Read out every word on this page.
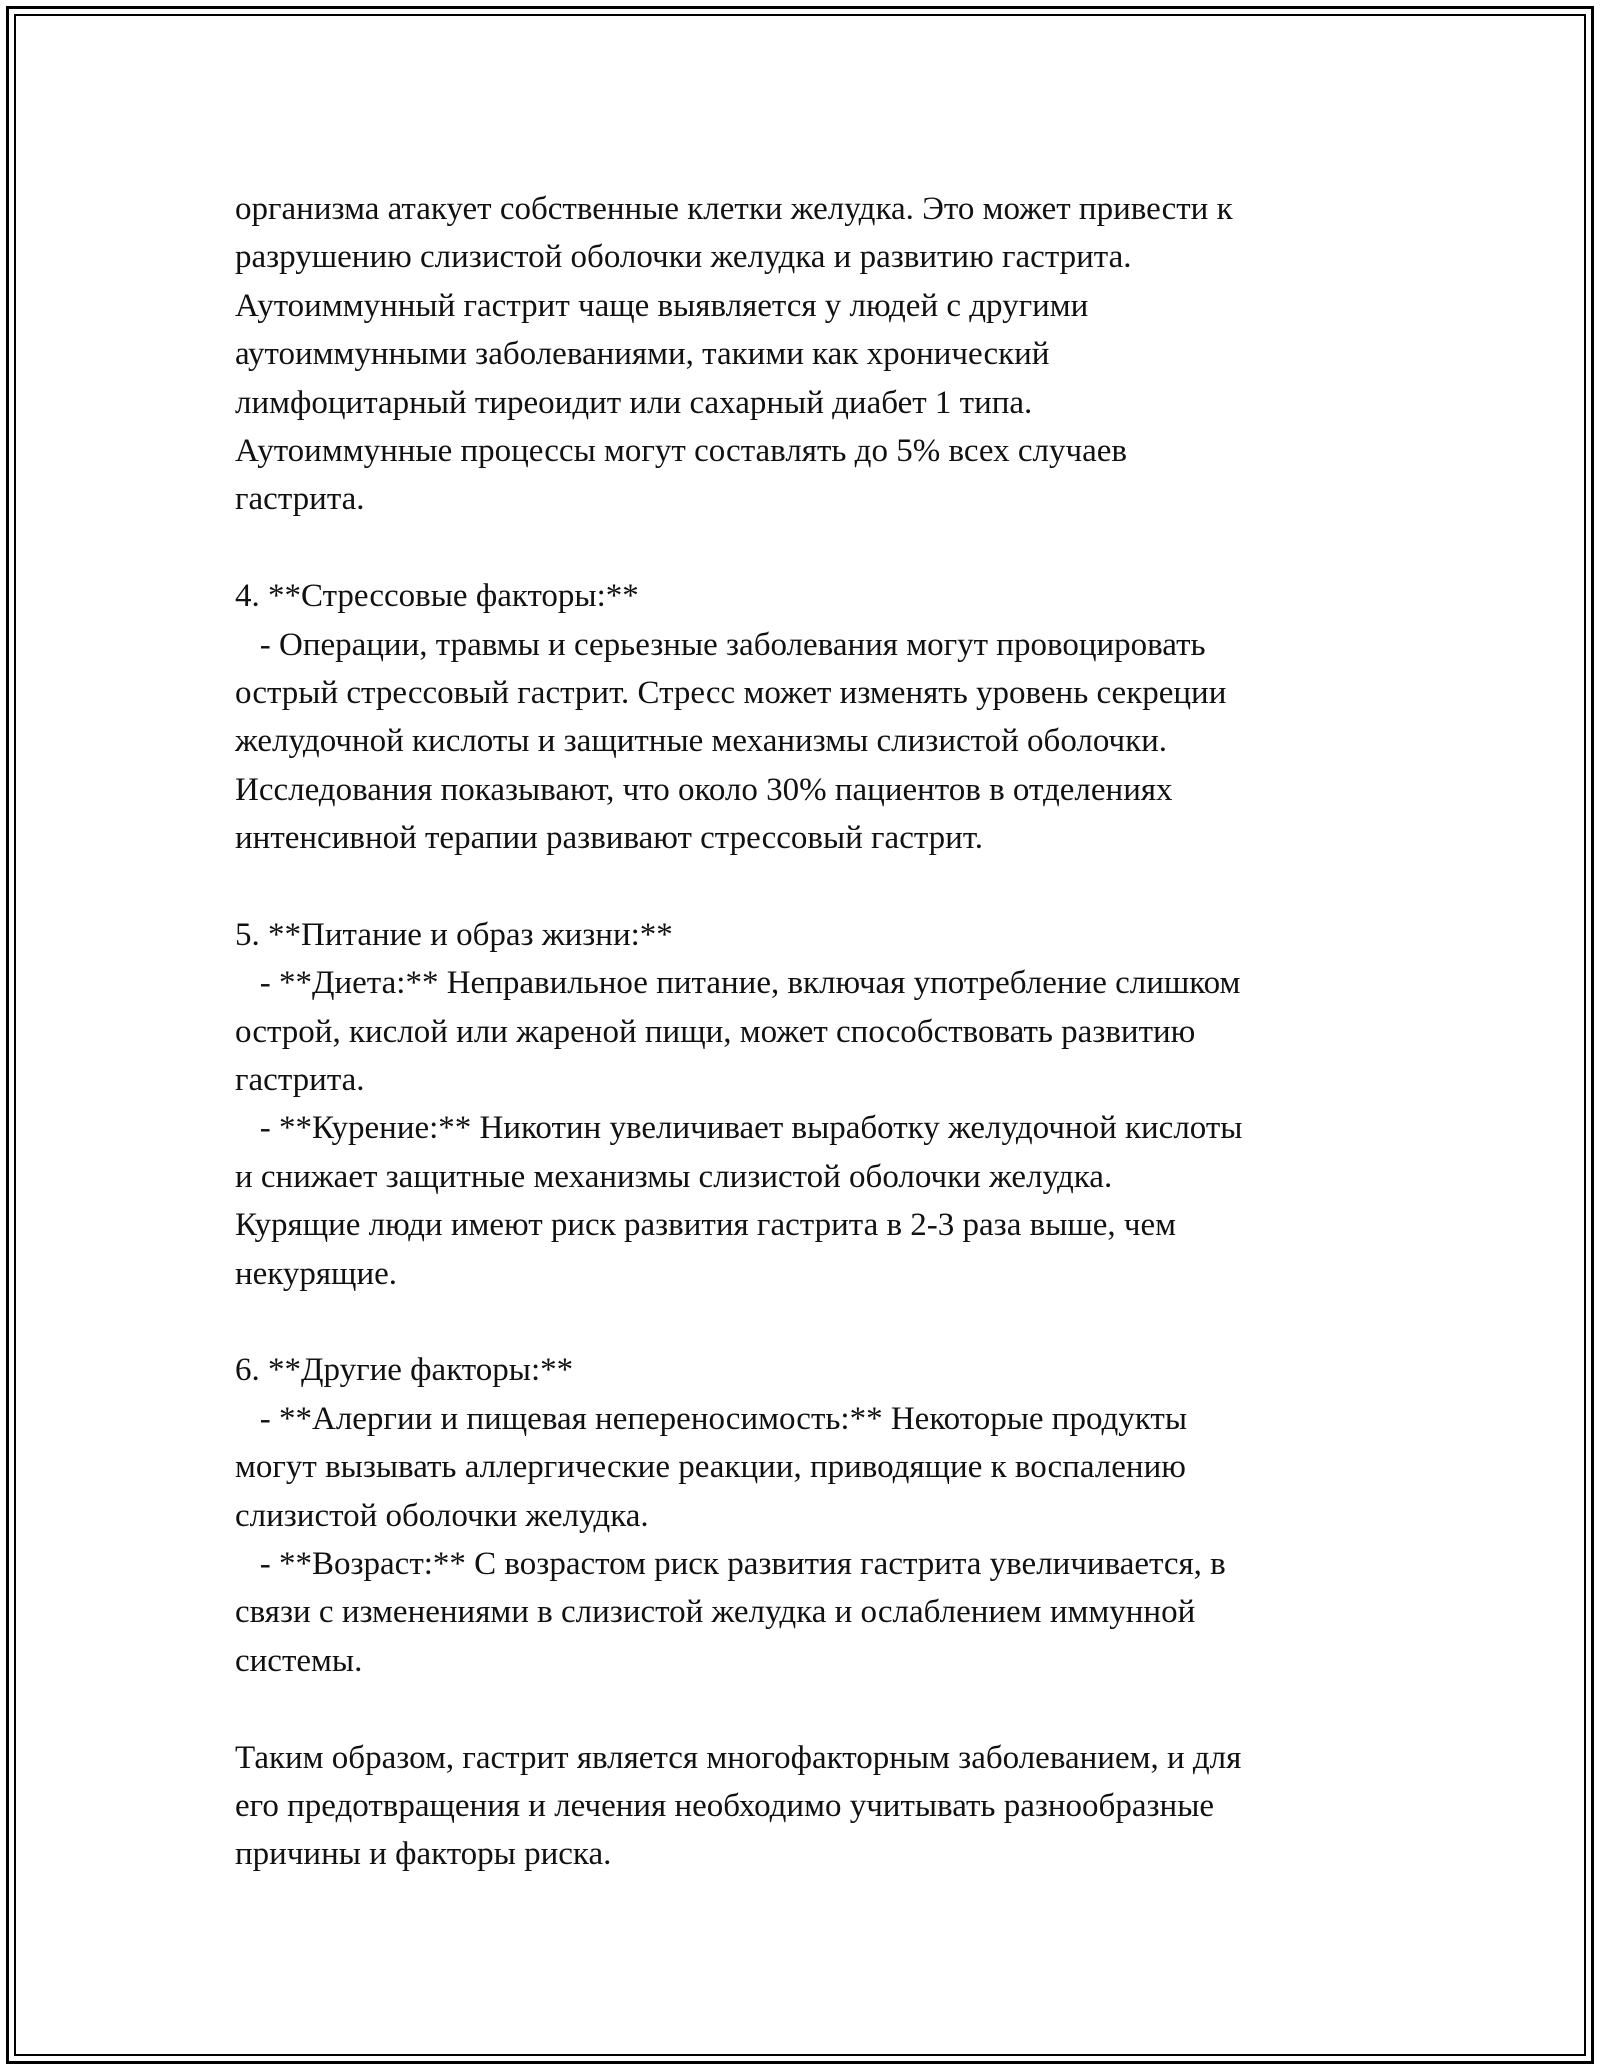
организма атакует собственные клетки желудка. Это может привести к
разрушению слизистой оболочки желудка и развитию гастрита.
Аутоиммунный гастрит чаще выявляется у людей с другими
аутоиммунными заболеваниями, такими как хронический
лимфоцитарный тиреоидит или сахарный диабет 1 типа.
Аутоиммунные процессы могут составлять до 5% всех случаев
гастрита.
4. **Стрессовые факторы:**
- Операции, травмы и серьезные заболевания могут провоцировать
острый стрессовый гастрит. Стресс может изменять уровень секреции
желудочной кислоты и защитные механизмы слизистой оболочки.
Исследования показывают, что около 30% пациентов в отделениях
интенсивной терапии развивают стрессовый гастрит.
5. **Питание и образ жизни:**
- **Диета:** Неправильное питание, включая употребление слишком
острой, кислой или жареной пищи, может способствовать развитию
гастрита.
- **Курение:** Никотин увеличивает выработку желудочной кислоты
и снижает защитные механизмы слизистой оболочки желудка.
Курящие люди имеют риск развития гастрита в 2-3 раза выше, чем
некурящие.
6. **Другие факторы:**
- **Алергии и пищевая непереносимость:** Некоторые продукты
могут вызывать аллергические реакции, приводящие к воспалению
слизистой оболочки желудка.
- **Возраст:** С возрастом риск развития гастрита увеличивается, в
связи с изменениями в слизистой желудка и ослаблением иммунной
системы.
Таким образом, гастрит является многофакторным заболеванием, и для
его предотвращения и лечения необходимо учитывать разнообразные
причины и факторы риска.
